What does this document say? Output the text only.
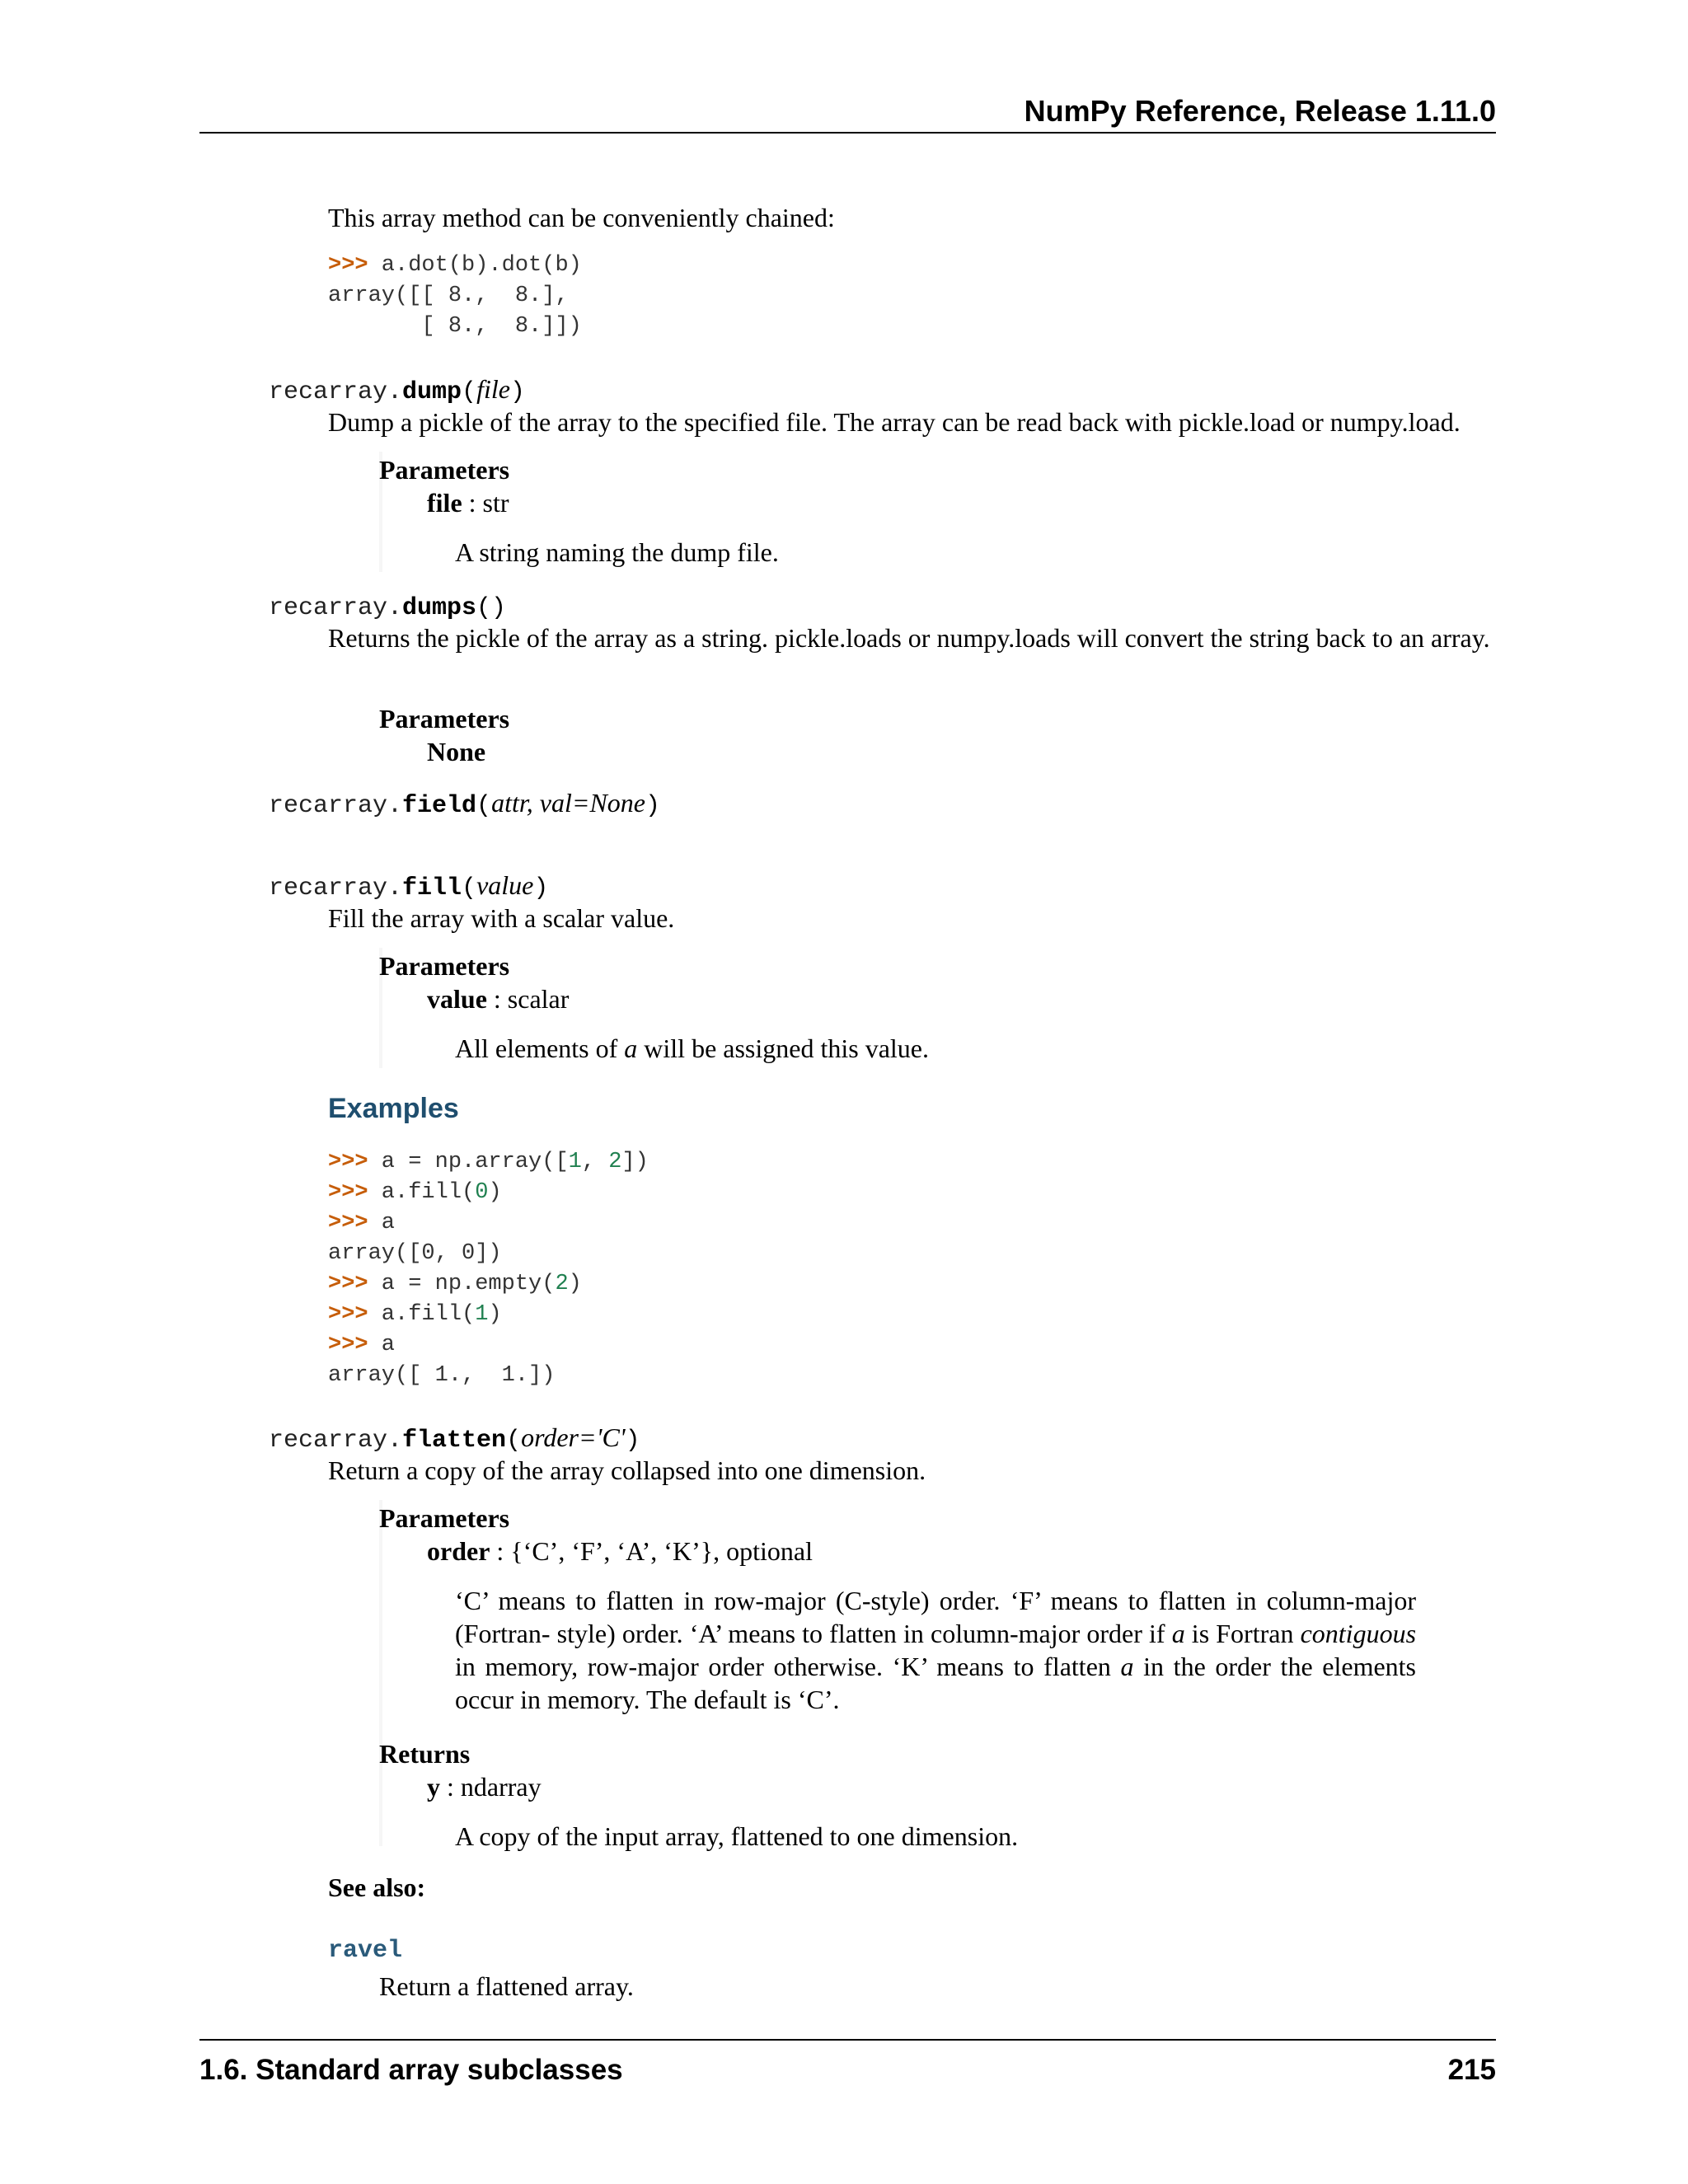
NumPy Reference, Release 1.11.0

This array method can be conveniently chained:

>>> a.dot(b).dot(b)
array([[ 8.,  8.],
[ 8.,  8.]])
recarray.dump(file)

Dump a pickle of the array to the specified file. The array can be read back with pickle.load or numpy.load.

Parameters

file : str

A string naming the dump file.

recarray.dumps()

Returns the pickle of the array as a string. pickle.loads or numpy.loads will convert the string back to an array.

Parameters

None

recarray.field(attr, val=None)
recarray.fill(value)

Fill the array with a scalar value.

Parameters

value : scalar

All elements of a will be assigned this value.

Examples
>>> a = np.array([1, 2])
>>> a.fill(0)
>>> a
array([0, 0])
>>> a = np.empty(2)
>>> a.fill(1)
>>> a
array([ 1.,  1.])
recarray.flatten(order='C')

Return a copy of the array collapsed into one dimension.

Parameters

order : {‘C’, ‘F’, ‘A’, ‘K’}, optional

‘C’ means to flatten in row-major (C-style) order. ‘F’ means to flatten in column-major (Fortran- style) order. ‘A’ means to flatten in column-major order if a is Fortran contiguous in memory, row-major order otherwise. ‘K’ means to flatten a in the order the elements occur in memory. The default is ‘C’.

Returns

y : ndarray

A copy of the input array, flattened to one dimension.

See also:

ravel

Return a flattened array.

1.6. Standard array subclasses	215
